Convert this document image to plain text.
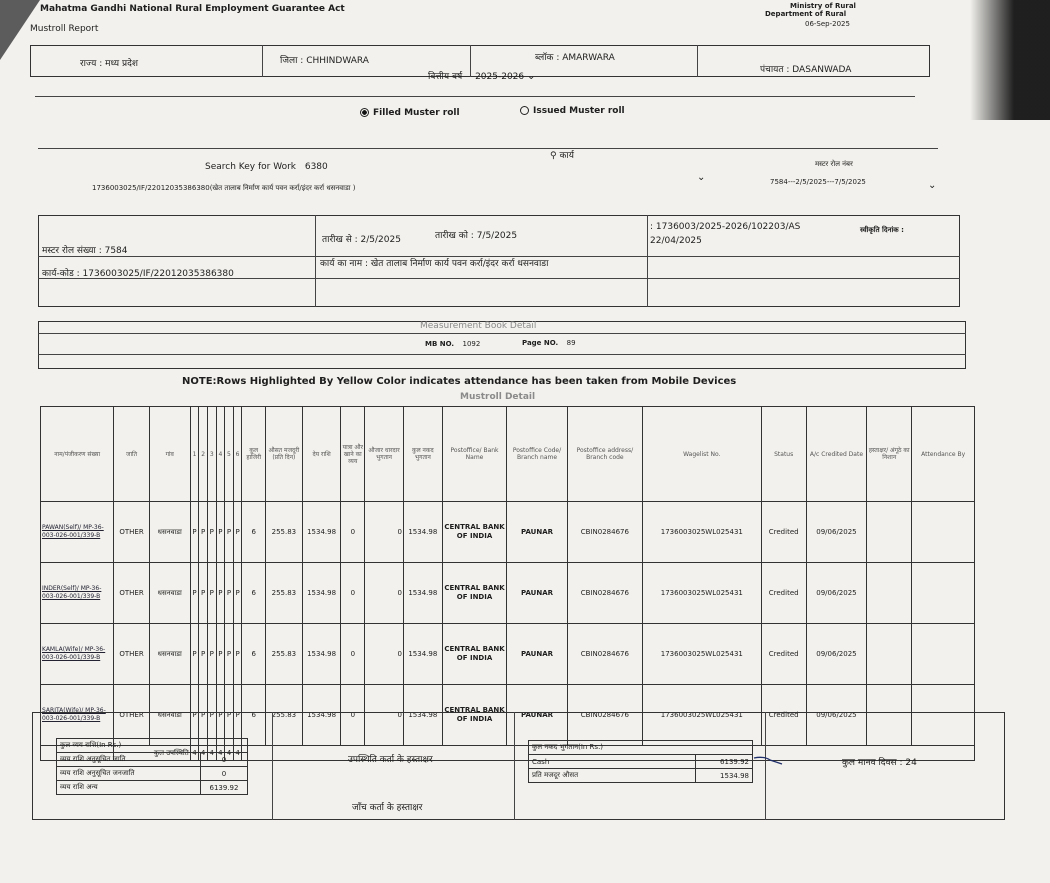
Mahatma Gandhi National Rural Employment Guarantee Act
Mustroll Report
Ministry of Rural
Department of Rural
06-Sep-2025
राज्य : मध्य प्रदेश	जिला : CHHINDWARA	ब्लॉक : AMARWARA
पंचायत : DASANWADA
वित्तीय वर्ष 2025-2026 ⌄
Filled Muster roll	Issued Muster roll
Search Key for Work 6380
⚲ कार्य
1736003025/IF/22012035386380(खेत तालाब निर्माण कार्य पवन कर्रा/इंदर कर्रा धसनवाडा )
⌄
मस्टर रोल नंबर
7584---2/5/2025---7/5/2025	⌄
मस्टर रोल संख्या : 7584
तारीख से : 2/5/2025	तारीख को : 7/5/2025
: 1736003/2025-2026/102203/AS	स्वीकृति दिनांक :
22/04/2025
कार्य-कोड : 1736003025/IF/22012035386380
कार्य का नाम : खेत तालाब निर्माण कार्य पवन कर्रा/इंदर कर्रा धसनवाडा
Measurement Book Detail
MB NO. 1092	Page NO. 89
NOTE:Rows Highlighted By Yellow Color indicates attendance has been taken from Mobile Devices
Mustroll Detail
नाम/पंजीकरण संख्या	जाति	गांव	1	2	3	4	5	6	कुल हाजिरी	औसत मजदूरी (प्रति दिन)	देय राशि	यात्रा और खाने का व्यय	औजार धारदार भुगतान	कुल नकद भुगतान	Postoffice/ Bank Name	Postoffice Code/ Branch name	Postoffice address/ Branch code	Wagelist No.	Status	A/c Credited Date	हस्ताक्षर/ अंगूठे का निशान	Attendance By
PAWAN(Self)/ MP-36-003-026-001/339-B	OTHER	धसनवाडा	P	P	P	P	P	P	6	255.83	1534.98	0	0	1534.98	CENTRAL BANK OF INDIA	PAUNAR	CBIN0284676	1736003025WL025431	Credited	09/06/2025		
INDER(Self)/ MP-36-003-026-001/339-B	OTHER	धसनवाडा	P	P	P	P	P	P	6	255.83	1534.98	0	0	1534.98	CENTRAL BANK OF INDIA	PAUNAR	CBIN0284676	1736003025WL025431	Credited	09/06/2025		
KAMLA(Wife)/ MP-36-003-026-001/339-B	OTHER	धसनवाडा	P	P	P	P	P	P	6	255.83	1534.98	0	0	1534.98	CENTRAL BANK OF INDIA	PAUNAR	CBIN0284676	1736003025WL025431	Credited	09/06/2025		
SARITA(Wife)/ MP-36-003-026-001/339-B	OTHER	धसनवाडा	P	P	P	P	P	P	6	255.83	1534.98	0	0	1534.98	CENTRAL BANK OF INDIA	PAUNAR	CBIN0284676	1736003025WL025431	Credited	09/06/2025		
	कुल उपस्थिति		4	4	4	4	4	4														
कुल व्यय राशि(In Rs.)	
व्यय राशि अनुसूचित जाति	0
व्यय राशि अनुसूचित जनजाति	0
व्यय राशि अन्य	6139.92
उपस्थिति कर्ता के हस्ताक्षर
जाँच कर्ता के हस्ताक्षर
कुल नकद भुगतान(In Rs.)	
Cash	6139.92
प्रति मजदूर औसत	1534.98
कुल मानव दिवस : 24
